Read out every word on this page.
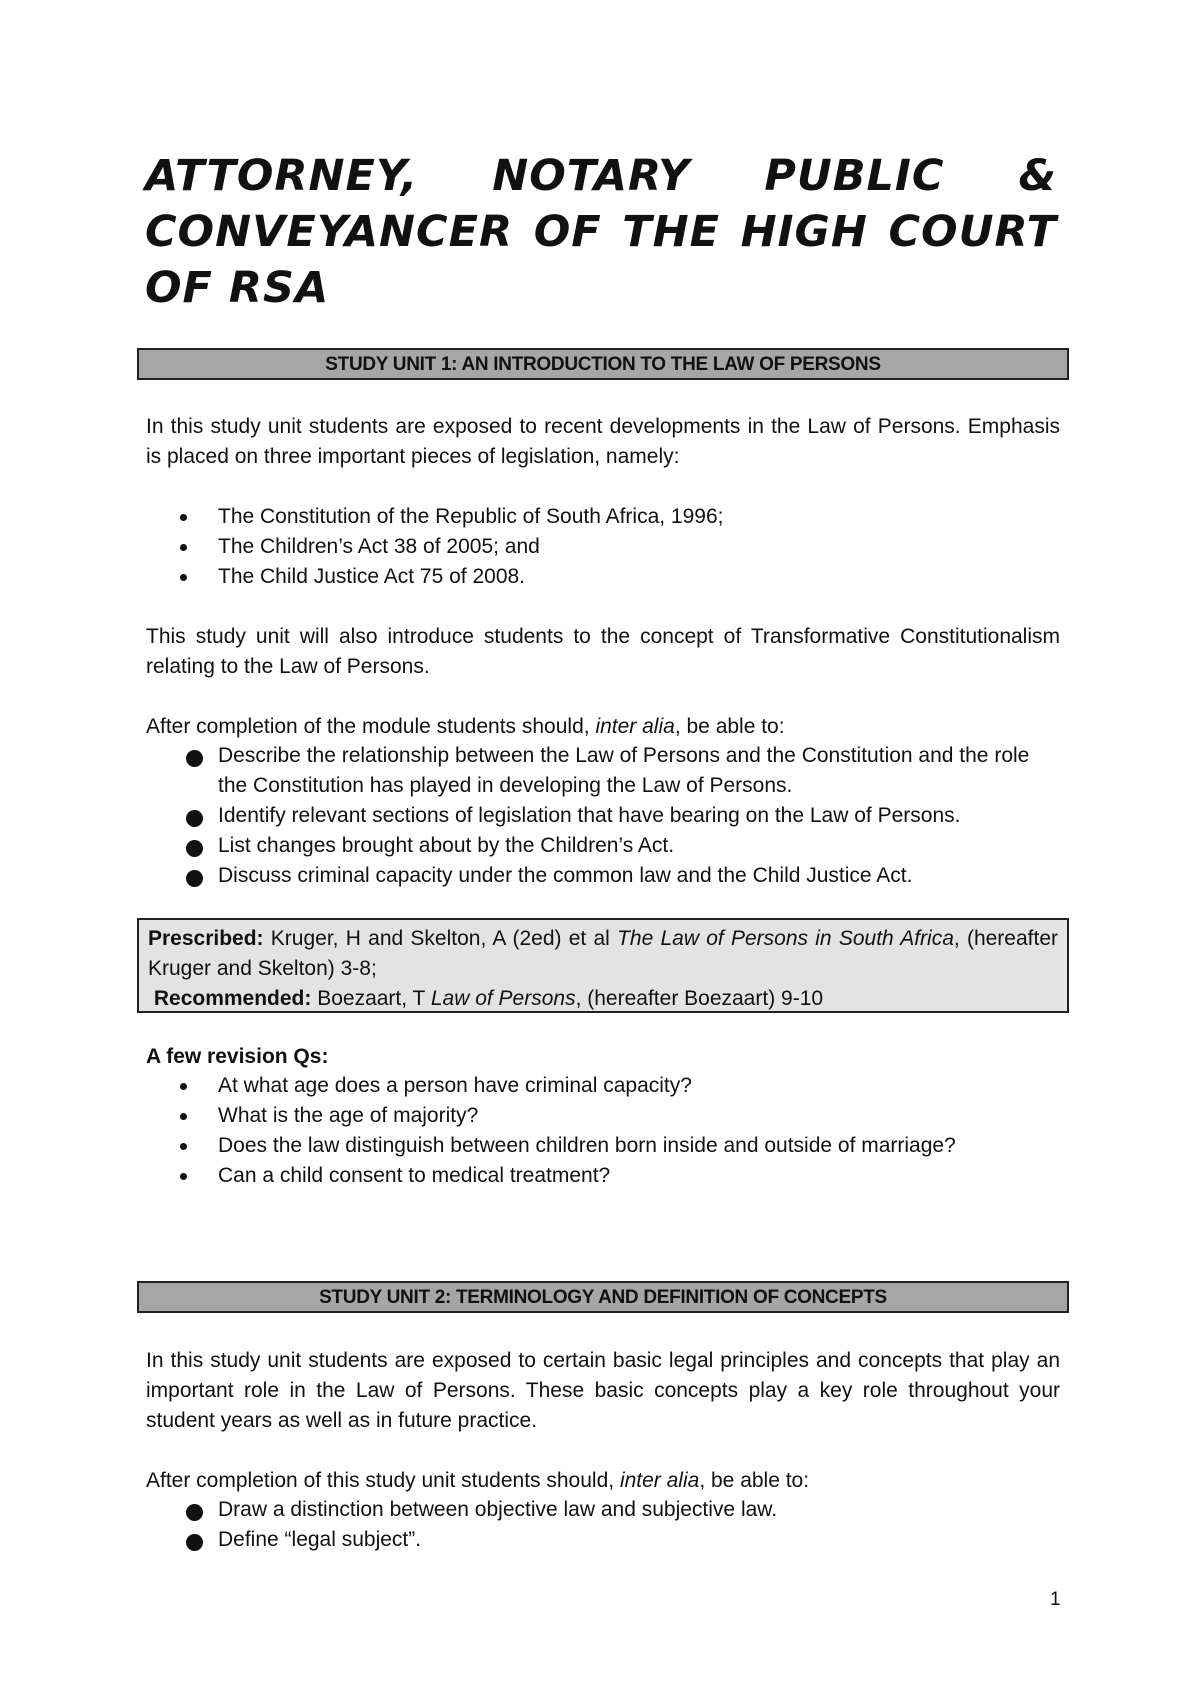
ATTORNEY, NOTARY PUBLIC & CONVEYANCER OF THE HIGH COURT OF RSA
STUDY UNIT 1: AN INTRODUCTION TO THE LAW OF PERSONS

In this study unit students are exposed to recent developments in the Law of Persons. Emphasis is placed on three important pieces of legislation, namely:

The Constitution of the Republic of South Africa, 1996;
The Children’s Act 38 of 2005; and
The Child Justice Act 75 of 2008.

This study unit will also introduce students to the concept of Transformative Constitutionalism relating to the Law of Persons.

After completion of the module students should, inter alia, be able to:

Describe the relationship between the Law of Persons and the Constitution and the role the Constitution has played in developing the Law of Persons.
Identify relevant sections of legislation that have bearing on the Law of Persons.
List changes brought about by the Children’s Act.
Discuss criminal capacity under the common law and the Child Justice Act.

Prescribed: Kruger, H and Skelton, A (2ed) et al The Law of Persons in South Africa, (hereafter Kruger and Skelton) 3-8;

Recommended: Boezaart, T Law of Persons, (hereafter Boezaart) 9-10

A few revision Qs:

At what age does a person have criminal capacity?
What is the age of majority?
Does the law distinguish between children born inside and outside of marriage?
Can a child consent to medical treatment?
STUDY UNIT 2: TERMINOLOGY AND DEFINITION OF CONCEPTS

In this study unit students are exposed to certain basic legal principles and concepts that play an important role in the Law of Persons. These basic concepts play a key role throughout your student years as well as in future practice.

After completion of this study unit students should, inter alia, be able to:

Draw a distinction between objective law and subjective law.
Define “legal subject”.
1
